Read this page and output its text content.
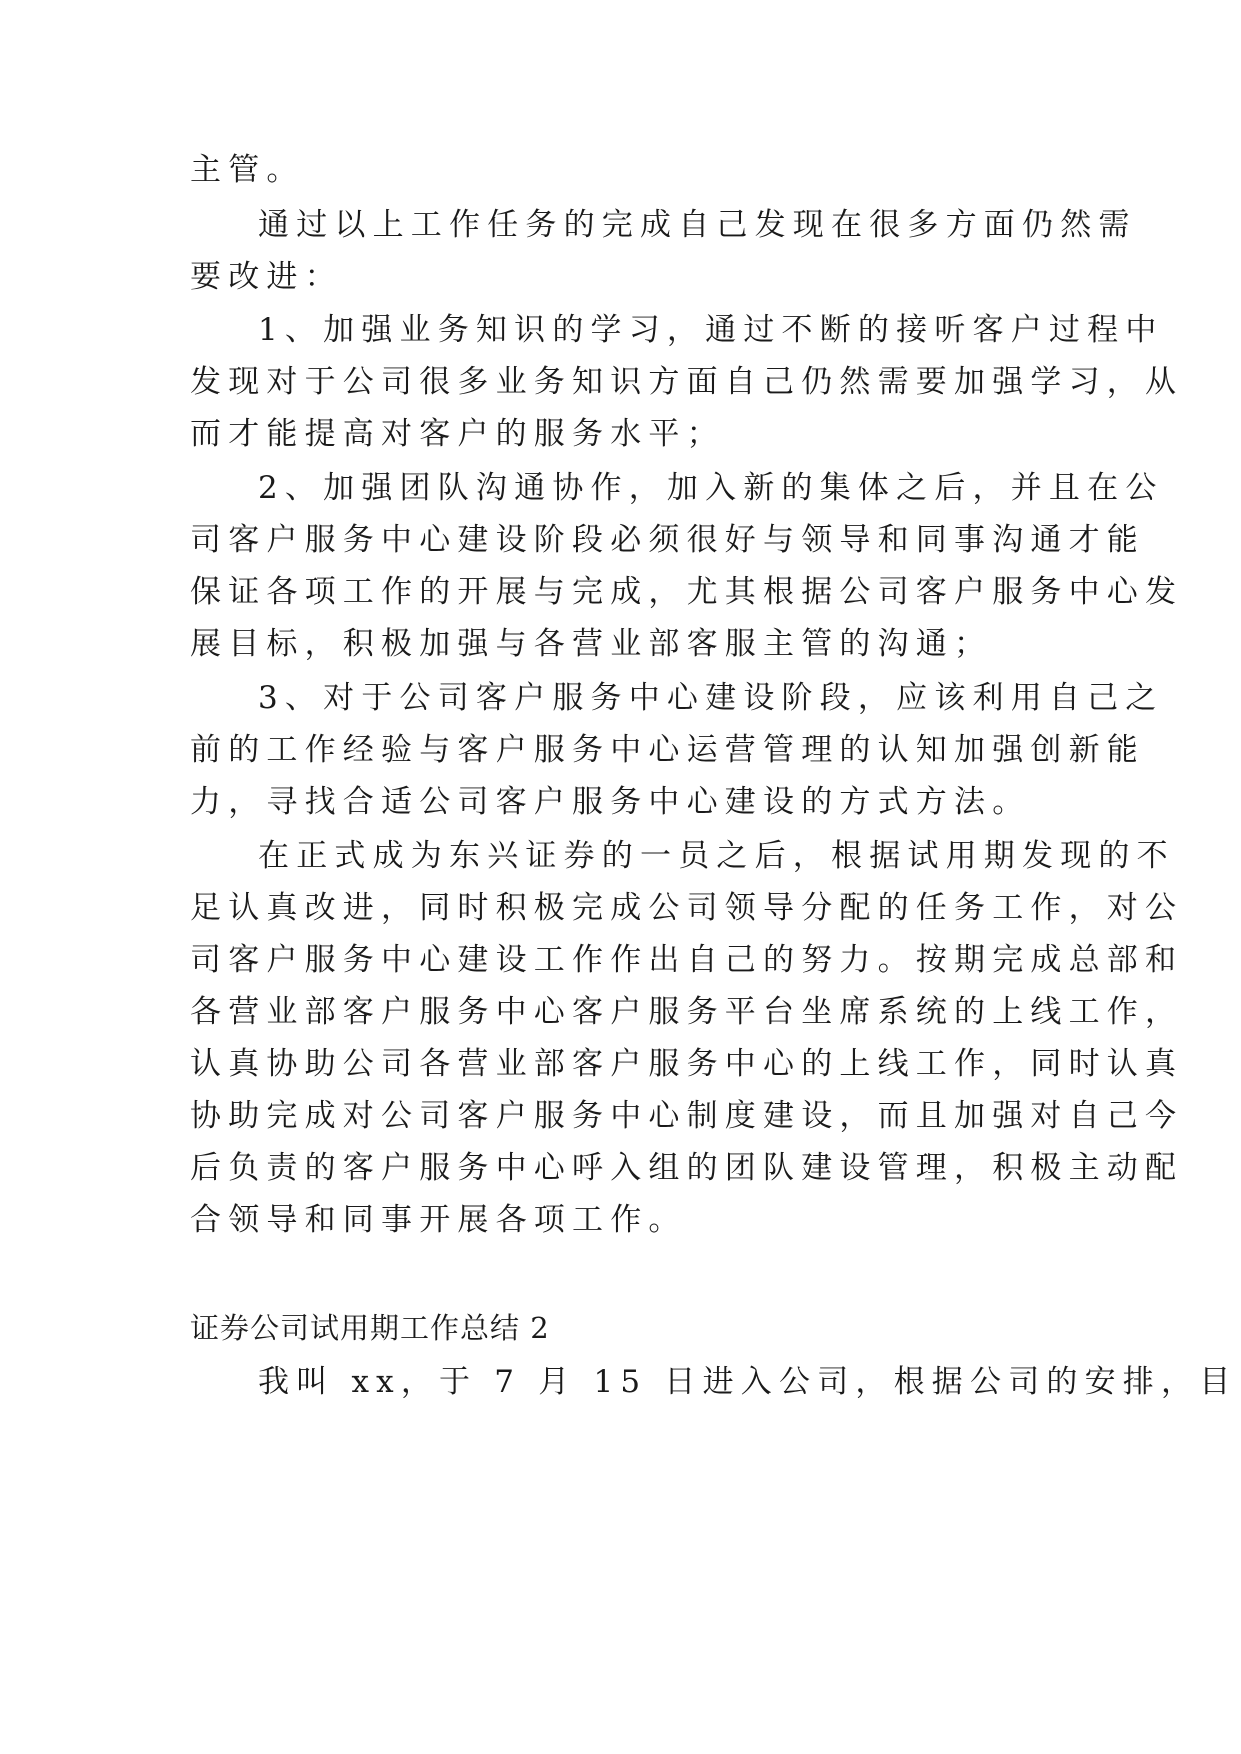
主管。
通过以上工作任务的完成自己发现在很多方面仍然需
要改进：
1、加强业务知识的学习，通过不断的接听客户过程中
发现对于公司很多业务知识方面自己仍然需要加强学习，从
而才能提高对客户的服务水平；
2、加强团队沟通协作，加入新的集体之后，并且在公
司客户服务中心建设阶段必须很好与领导和同事沟通才能
保证各项工作的开展与完成，尤其根据公司客户服务中心发
展目标，积极加强与各营业部客服主管的沟通；
3、对于公司客户服务中心建设阶段，应该利用自己之
前的工作经验与客户服务中心运营管理的认知加强创新能
力，寻找合适公司客户服务中心建设的方式方法。
在正式成为东兴证券的一员之后，根据试用期发现的不
足认真改进，同时积极完成公司领导分配的任务工作，对公
司客户服务中心建设工作作出自己的努力。按期完成总部和
各营业部客户服务中心客户服务平台坐席系统的上线工作，
认真协助公司各营业部客户服务中心的上线工作，同时认真
协助完成对公司客户服务中心制度建设，而且加强对自己今
后负责的客户服务中心呼入组的团队建设管理，积极主动配
合领导和同事开展各项工作。
证券公司试用期工作总结 2
我叫 xx，于 7 月 15 日进入公司，根据公司的安排，目
